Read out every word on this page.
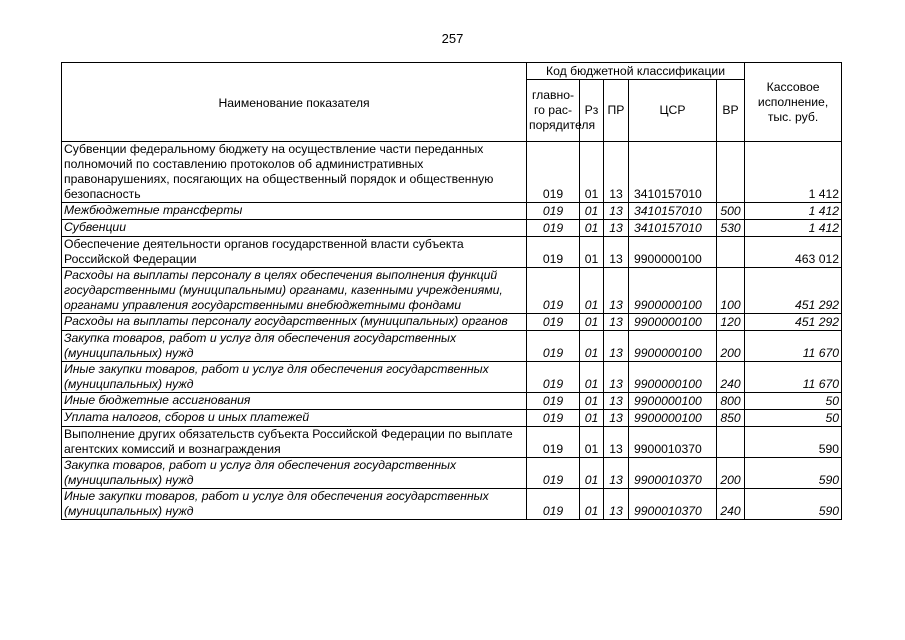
257
Наименование показателя	Код бюджетной классификации					Кассовое исполнение, тыс. руб.
	главно-го рас-порядителя	Рз	ПР	ЦСР	ВР	
Субвенции федеральному бюджету на осуществление части переданных полномочий по составлению протоколов об административных правонарушениях, посягающих на общественный порядок и общественную безопасность	019	01	13	3410157010		1 412
Межбюджетные трансферты	019	01	13	3410157010	500	1 412
Субвенции	019	01	13	3410157010	530	1 412
Обеспечение деятельности органов государственной власти субъекта Российской Федерации	019	01	13	9900000100		463 012
Расходы на выплаты персоналу в целях обеспечения выполнения функций государственными (муниципальными) органами, казенными учреждениями, органами управления государственными внебюджетными фондами	019	01	13	9900000100	100	451 292
Расходы на выплаты персоналу государственных (муниципальных) органов	019	01	13	9900000100	120	451 292
Закупка товаров, работ и услуг для обеспечения государственных (муниципальных) нужд	019	01	13	9900000100	200	11 670
Иные закупки товаров, работ и услуг для обеспечения государственных (муниципальных) нужд	019	01	13	9900000100	240	11 670
Иные бюджетные ассигнования	019	01	13	9900000100	800	50
Уплата налогов, сборов и иных платежей	019	01	13	9900000100	850	50
Выполнение других обязательств субъекта Российской Федерации по выплате агентских комиссий и вознаграждения	019	01	13	9900010370		590
Закупка товаров, работ и услуг для обеспечения государственных (муниципальных) нужд	019	01	13	9900010370	200	590
Иные закупки товаров, работ и услуг для обеспечения государственных (муниципальных) нужд	019	01	13	9900010370	240	590
